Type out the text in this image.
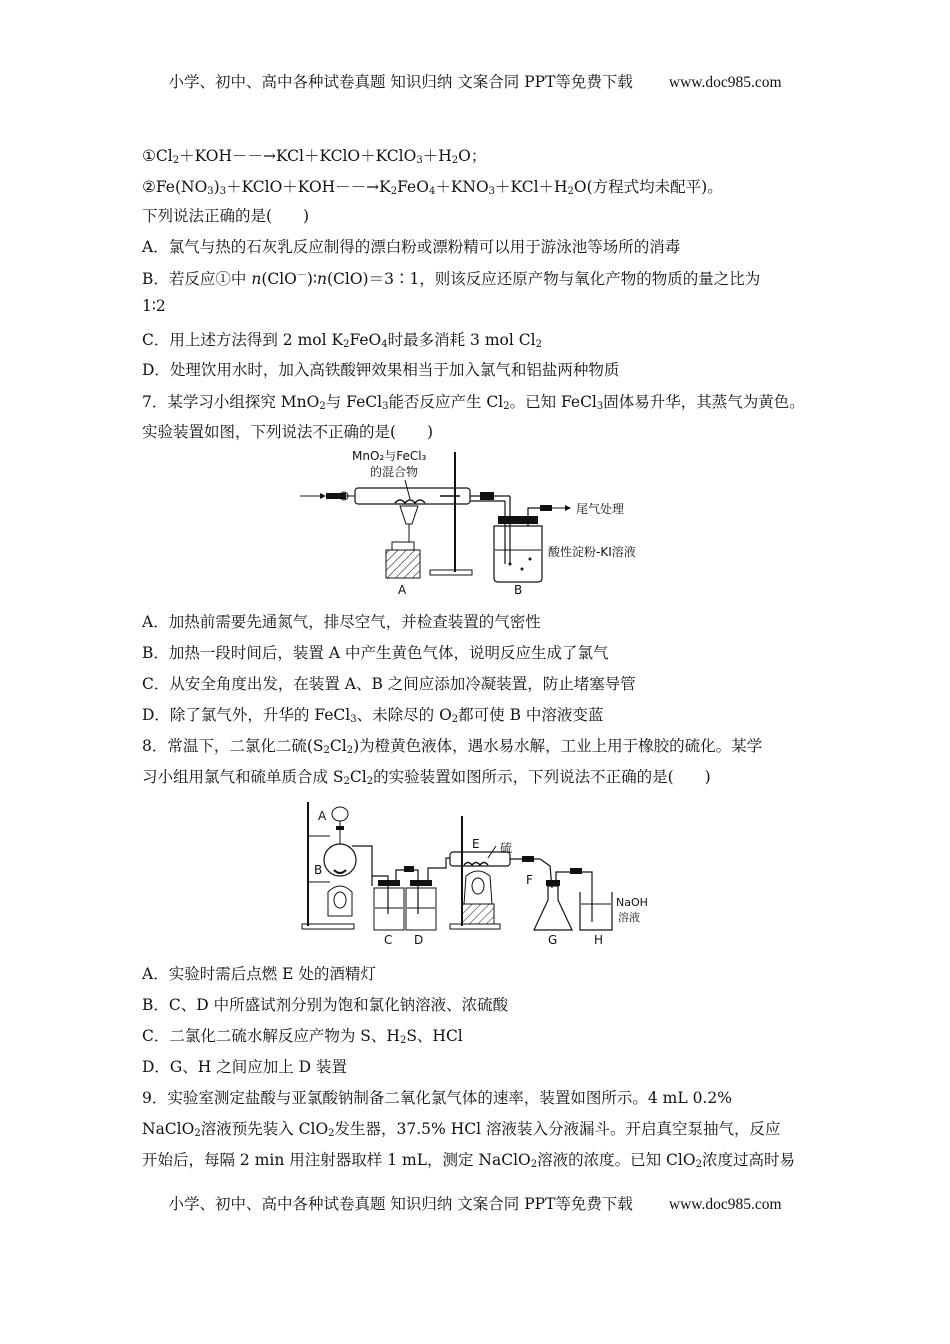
小学、初中、高中各种试卷真题 知识归纳 文案合同 PPT等免费下载 www.doc985.com
$①Cl_2+KOH--\to KCl+KClO+KClO_3+H_2O$；
$②Fe(NO_3)_3+KClO+KOH--\to K_2FeO_4+KNO_3+KCl+H_2O$(方程式均未配平)。
下列说法正确的是(　　)
A．氯气与热的石灰乳反应制得的漂白粉或漂粉精可以用于游泳池等场所的消毒
B．若反应①中 n(ClO－)∶n(ClO)＝3∶1，则该反应还原产物与氧化产物的物质的量之比为
1∶2
C．用上述方法得到 2 mol $K_2FeO_4$时最多消耗 3 mol $Cl_2$
D．处理饮用水时，加入高铁酸钾效果相当于加入氯气和铝盐两种物质
7．某学习小组探究 MnO$_2$与 FeCl$_3$能否反应产生 $Cl_2$。已知 FeCl$_3$固体易升华，其蒸气为黄色。
实验装置如图，下列说法不正确的是(　　)
MnO₂与FeCl₃
的混合物
尾气处理
酸性淀粉-KI溶液
A	B
A．加热前需要先通氮气，排尽空气，并检查装置的气密性
B．加热一段时间后，装置 A 中产生黄色气体，说明反应生成了氯气
C．从安全角度出发，在装置 A、B 之间应添加冷凝装置，防止堵塞导管
D．除了氯气外，升华的 FeCl$_3$、未除尽的 $O_2$都可使 B 中溶液变蓝
8．常温下，二氯化二硫$(S_2Cl_2)$为橙黄色液体，遇水易水解，工业上用于橡胶的硫化。某学
习小组用氯气和硫单质合成 $S_2Cl_2$的实验装置如图所示，下列说法不正确的是(　　)
A
B
C D
E 硫
F
G	H
NaOH
溶液
A．实验时需后点燃 E 处的酒精灯
B．C、D 中所盛试剂分别为饱和氯化钠溶液、浓硫酸
C．二氯化二硫水解反应产物为 S、$H_2S$、HCl
D．G、H 之间应加上 D 装置
9．实验室测定盐酸与亚氯酸钠制备二氧化氯气体的速率，装置如图所示。4 mL 0.2%
NaClO$_2$溶液预先装入 ClO$_2$发生器，37.5% HCl 溶液装入分液漏斗。开启真空泵抽气，反应
开始后，每隔 2 min 用注射器取样 1 mL，测定 NaClO$_2$溶液的浓度。已知 ClO$_2$浓度过高时易
小学、初中、高中各种试卷真题 知识归纳 文案合同 PPT等免费下载 www.doc985.com
